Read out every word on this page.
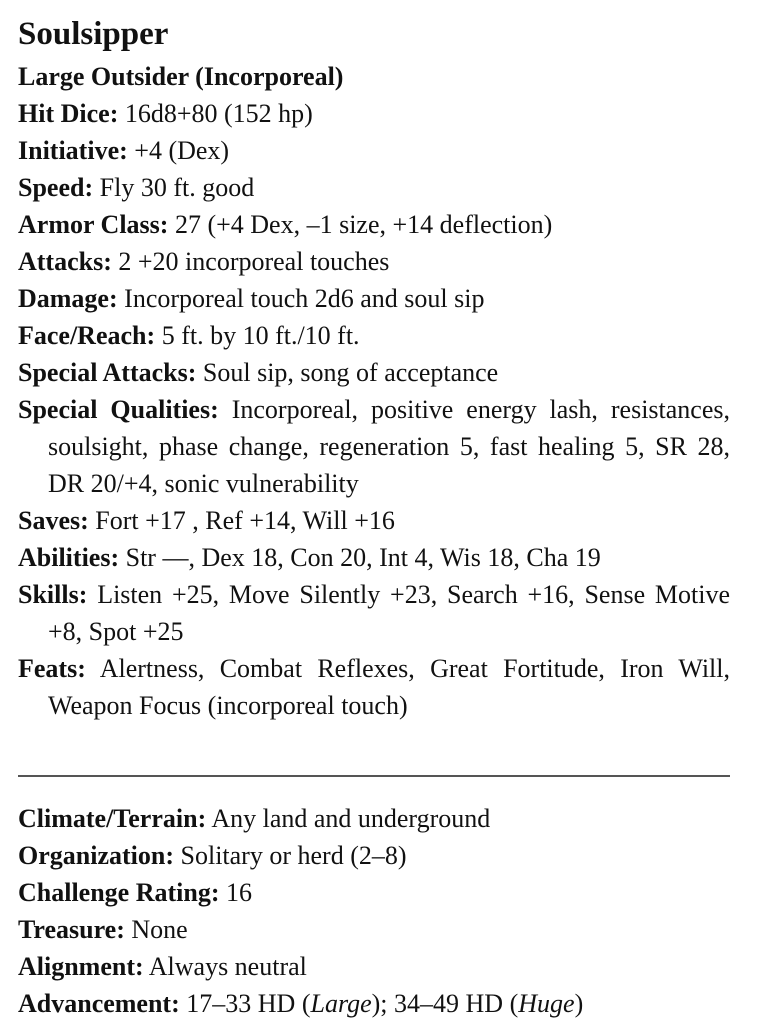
Soulsipper
Large Outsider (Incorporeal)
Hit Dice: 16d8+80 (152 hp)
Initiative: +4 (Dex)
Speed: Fly 30 ft. good
Armor Class: 27 (+4 Dex, –1 size, +14 deflection)
Attacks: 2 +20 incorporeal touches
Damage: Incorporeal touch 2d6 and soul sip
Face/Reach: 5 ft. by 10 ft./10 ft.
Special Attacks: Soul sip, song of acceptance
Special Qualities: Incorporeal, positive energy lash, resistances, soulsight, phase change, regeneration 5, fast healing 5, SR 28, DR 20/+4, sonic vulnerability
Saves: Fort +17 , Ref +14, Will +16
Abilities: Str —, Dex 18, Con 20, Int 4, Wis 18, Cha 19
Skills: Listen +25, Move Silently +23, Search +16, Sense Motive +8, Spot +25
Feats: Alertness, Combat Reflexes, Great Fortitude, Iron Will, Weapon Focus (incorporeal touch)
Climate/Terrain: Any land and underground
Organization: Solitary or herd (2–8)
Challenge Rating: 16
Treasure: None
Alignment: Always neutral
Advancement: 17–33 HD (Large); 34–49 HD (Huge)
